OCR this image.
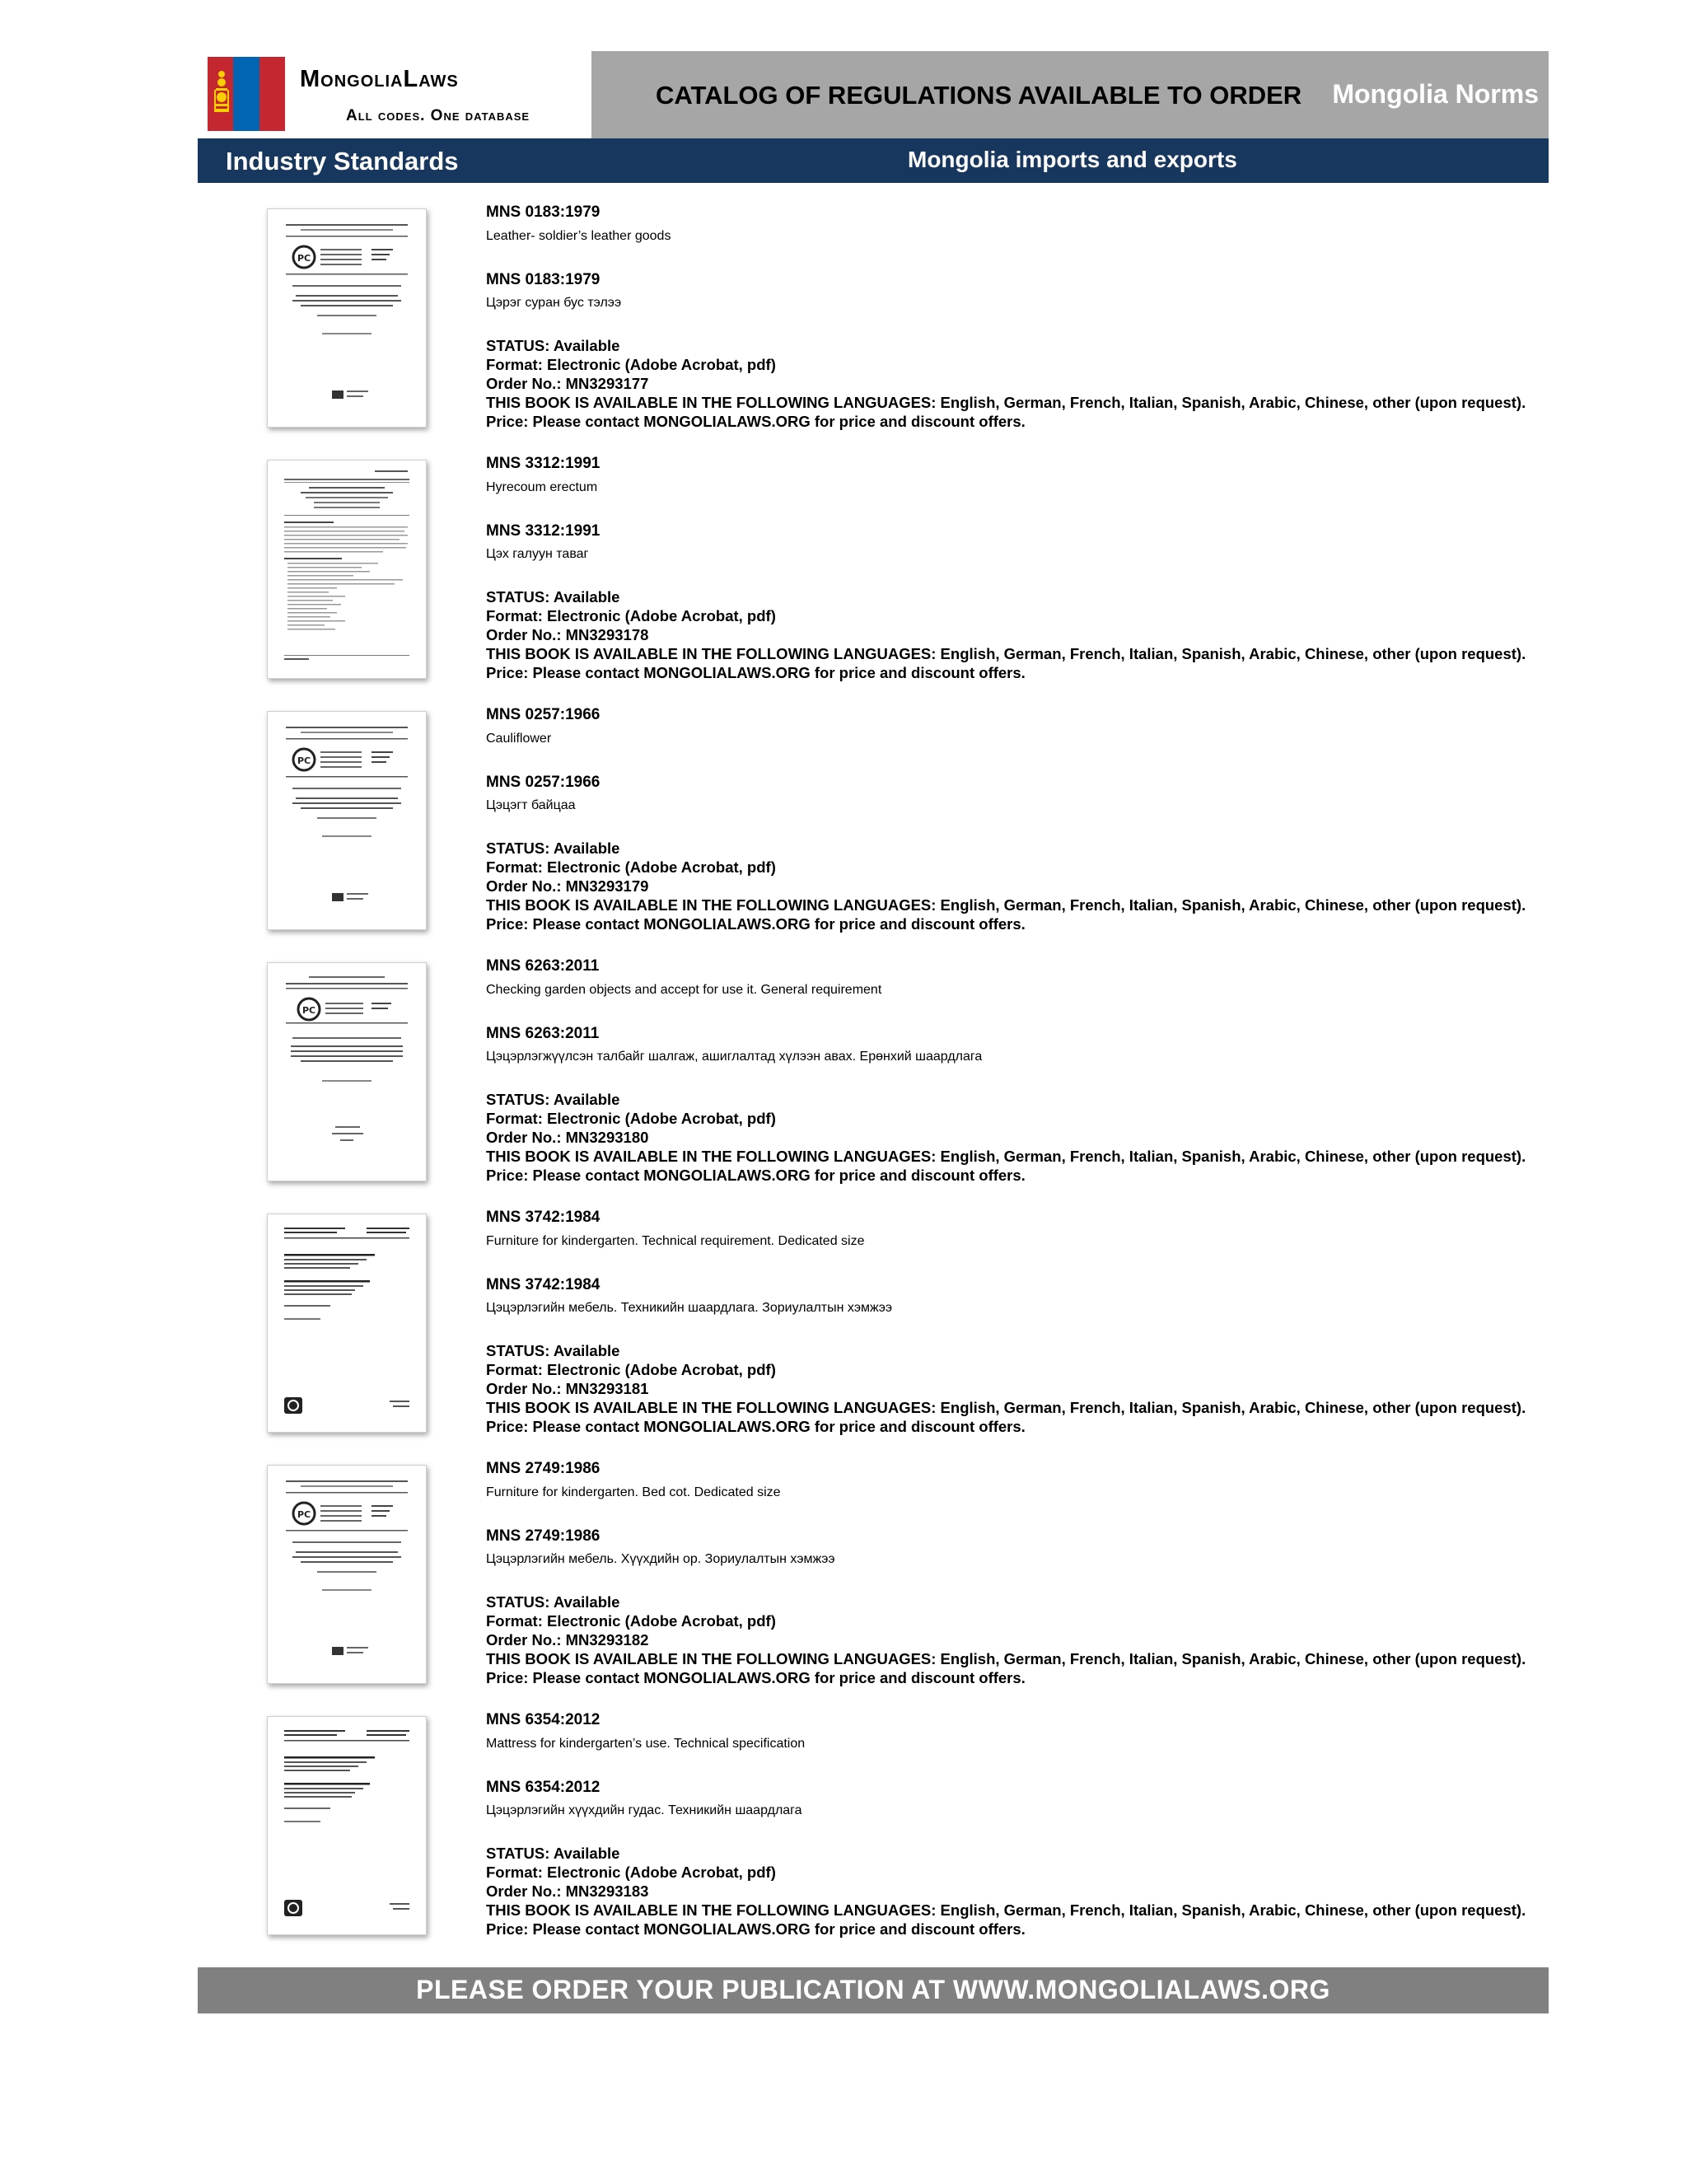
MongoliaLaws
All codes. One database
CATALOG OF REGULATIONS AVAILABLE TO ORDER Mongolia Norms
Industry Standards	Mongolia imports and exports
PC
MNS 0183:1979
Leather- soldier’s leather goods
MNS 0183:1979
Цэрэг суран бус тэлээ
STATUS: Available
Format: Electronic (Adobe Acrobat, pdf)
Order No.: MN3293177
THIS BOOK IS AVAILABLE IN THE FOLLOWING LANGUAGES: English, German, French, Italian, Spanish, Arabic, Chinese, other (upon request).
Price: Please contact MONGOLIALAWS.ORG for price and discount offers.
MNS 3312:1991
Hyrecoum erectum
MNS 3312:1991
Цэх галуун таваг
STATUS: Available
Format: Electronic (Adobe Acrobat, pdf)
Order No.: MN3293178
THIS BOOK IS AVAILABLE IN THE FOLLOWING LANGUAGES: English, German, French, Italian, Spanish, Arabic, Chinese, other (upon request).
Price: Please contact MONGOLIALAWS.ORG for price and discount offers.
PC
MNS 0257:1966
Cauliflower
MNS 0257:1966
Цэцэгт байцаа
STATUS: Available
Format: Electronic (Adobe Acrobat, pdf)
Order No.: MN3293179
THIS BOOK IS AVAILABLE IN THE FOLLOWING LANGUAGES: English, German, French, Italian, Spanish, Arabic, Chinese, other (upon request).
Price: Please contact MONGOLIALAWS.ORG for price and discount offers.
PC
MNS 6263:2011
Checking garden objects and accept for use it. General requirement
MNS 6263:2011
Цэцэрлэгжүүлсэн талбайг шалгаж, ашиглалтад хүлээн авах. Ерөнхий шаардлага
STATUS: Available
Format: Electronic (Adobe Acrobat, pdf)
Order No.: MN3293180
THIS BOOK IS AVAILABLE IN THE FOLLOWING LANGUAGES: English, German, French, Italian, Spanish, Arabic, Chinese, other (upon request).
Price: Please contact MONGOLIALAWS.ORG for price and discount offers.
MNS 3742:1984
Furniture for kindergarten. Technical requirement. Dedicated size
MNS 3742:1984
Цэцэрлэгийн мебель. Техникийн шаардлага. Зориулалтын хэмжээ
STATUS: Available
Format: Electronic (Adobe Acrobat, pdf)
Order No.: MN3293181
THIS BOOK IS AVAILABLE IN THE FOLLOWING LANGUAGES: English, German, French, Italian, Spanish, Arabic, Chinese, other (upon request).
Price: Please contact MONGOLIALAWS.ORG for price and discount offers.
PC
MNS 2749:1986
Furniture for kindergarten. Bed cot. Dedicated size
MNS 2749:1986
Цэцэрлэгийн мебель. Хүүхдийн ор. Зориулалтын хэмжээ
STATUS: Available
Format: Electronic (Adobe Acrobat, pdf)
Order No.: MN3293182
THIS BOOK IS AVAILABLE IN THE FOLLOWING LANGUAGES: English, German, French, Italian, Spanish, Arabic, Chinese, other (upon request).
Price: Please contact MONGOLIALAWS.ORG for price and discount offers.
MNS 6354:2012
Mattress for kindergarten’s use. Technical specification
MNS 6354:2012
Цэцэрлэгийн хүүхдийн гудас. Техникийн шаардлага
STATUS: Available
Format: Electronic (Adobe Acrobat, pdf)
Order No.: MN3293183
THIS BOOK IS AVAILABLE IN THE FOLLOWING LANGUAGES: English, German, French, Italian, Spanish, Arabic, Chinese, other (upon request).
Price: Please contact MONGOLIALAWS.ORG for price and discount offers.
PLEASE ORDER YOUR PUBLICATION AT WWW.MONGOLIALAWS.ORG
